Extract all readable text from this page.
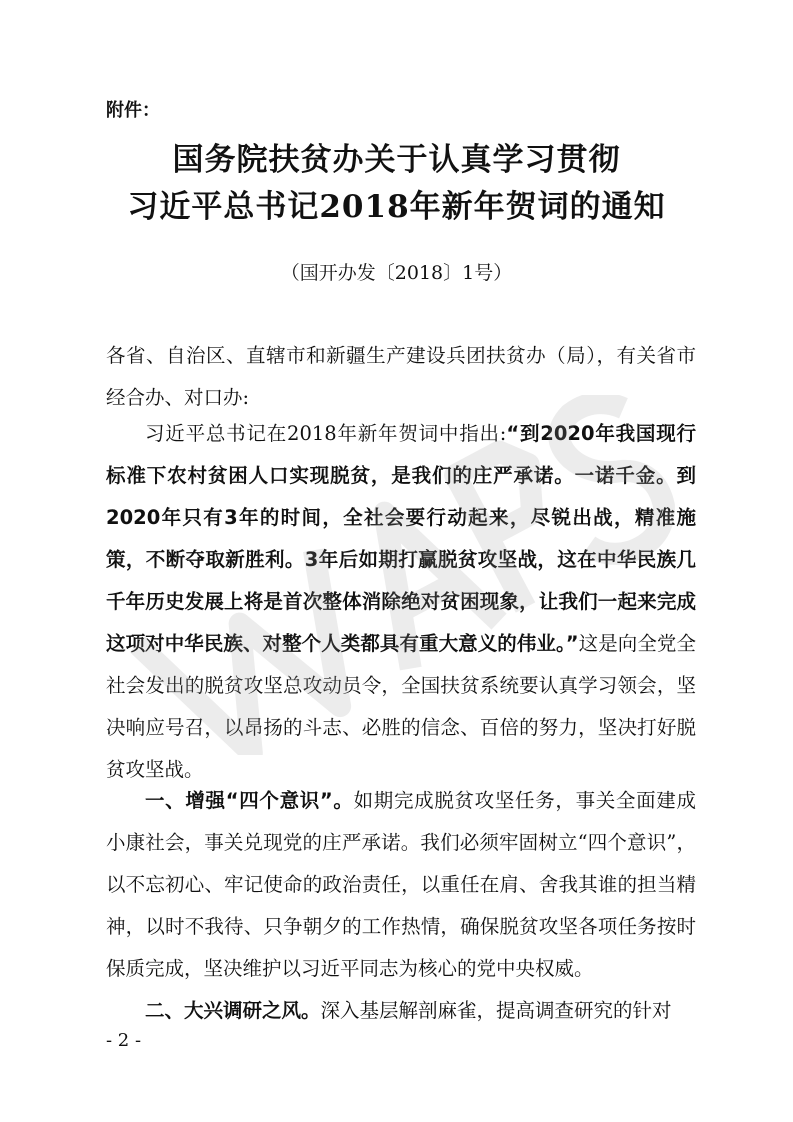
附件：
国务院扶贫办关于认真学习贯彻
习近平总书记2018年新年贺词的通知
（国开办发〔2018〕1号）
各省、自治区、直辖市和新疆生产建设兵团扶贫办（局），有关省市经合办、对口办:
习近平总书记在2018年新年贺词中指出:“到2020年我国现行标准下农村贫困人口实现脱贫，是我们的庄严承诺。一诺千金。到2020年只有3年的时间，全社会要行动起来，尽锐出战，精准施策，不断夺取新胜利。3年后如期打赢脱贫攻坚战，这在中华民族几千年历史发展上将是首次整体消除绝对贫困现象，让我们一起来完成这项对中华民族、对整个人类都具有重大意义的伟业。”这是向全党全社会发出的脱贫攻坚总攻动员令，全国扶贫系统要认真学习领会，坚决响应号召，以昂扬的斗志、必胜的信念、百倍的努力，坚决打好脱贫攻坚战。
一、增强“四个意识”。如期完成脱贫攻坚任务，事关全面建成小康社会，事关兑现党的庄严承诺。我们必须牢固树立“四个意识”，以不忘初心、牢记使命的政治责任，以重任在肩、舍我其谁的担当精神，以时不我待、只争朝夕的工作热情，确保脱贫攻坚各项任务按时保质完成，坚决维护以习近平同志为核心的党中央权威。
二、大兴调研之风。深入基层解剖麻雀，提高调查研究的针对
- 2 -
